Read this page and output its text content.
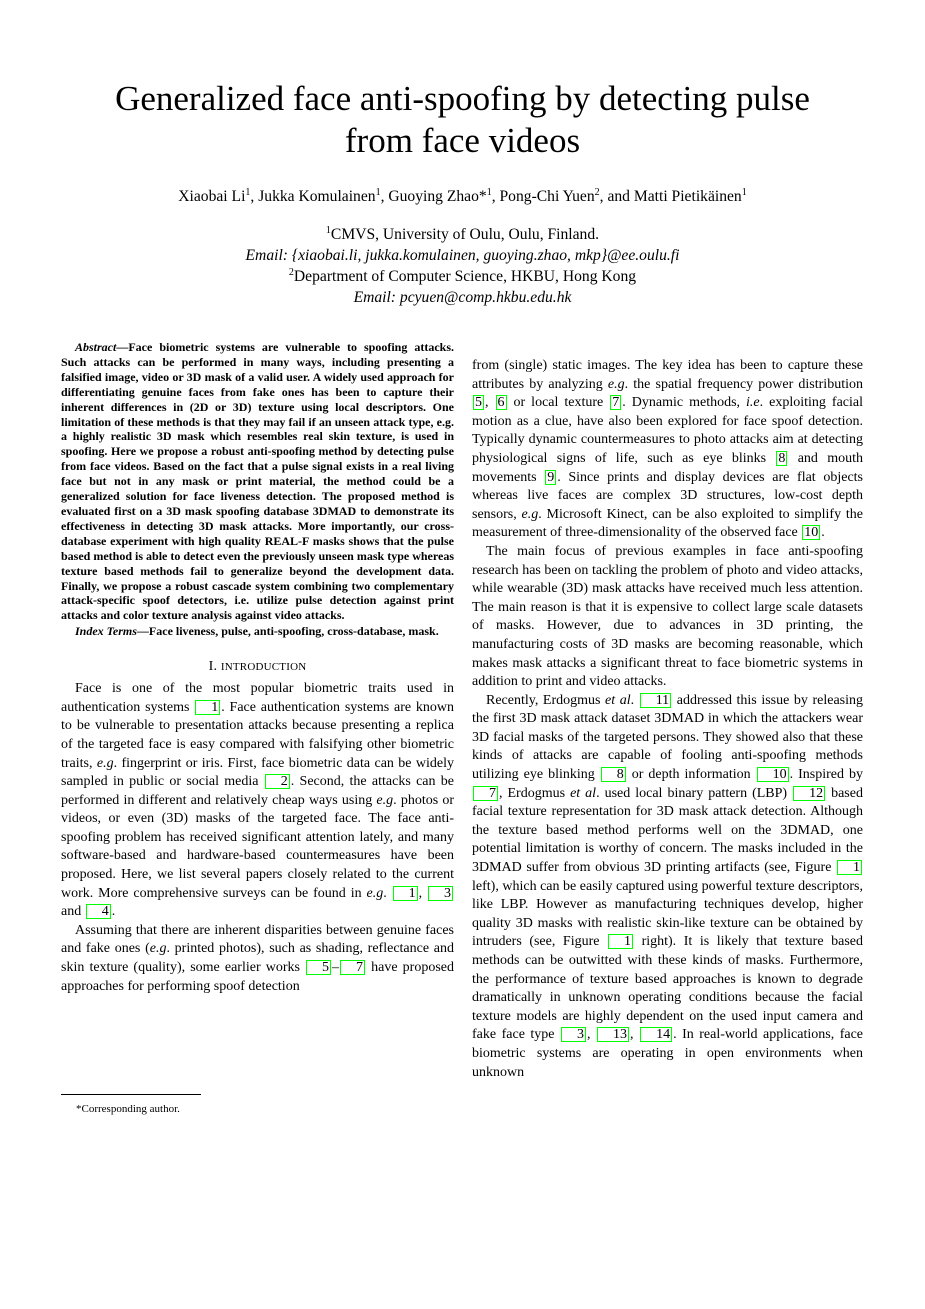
Generalized face anti-spoofing by detecting pulse
from face videos
Xiaobai Li$^1$, Jukka Komulainen$^1$, Guoying Zhao*$^1$, Pong-Chi Yuen$^2$, and Matti Pietikäinen$^1$
$^1$CMVS, University of Oulu, Oulu, Finland.
Email: {xiaobai.li, jukka.komulainen, guoying.zhao, mkp}@ee.oulu.fi
$^2$Department of Computer Science, HKBU, Hong Kong
Email: pcyuen@comp.hkbu.edu.hk

Abstract—Face biometric systems are vulnerable to spoofing attacks. Such attacks can be performed in many ways, including presenting a falsified image, video or 3D mask of a valid user. A widely used approach for differentiating genuine faces from fake ones has been to capture their inherent differences in (2D or 3D) texture using local descriptors. One limitation of these methods is that they may fail if an unseen attack type, e.g. a highly realistic 3D mask which resembles real skin texture, is used in spoofing. Here we propose a robust anti-spoofing method by detecting pulse from face videos. Based on the fact that a pulse signal exists in a real living face but not in any mask or print material, the method could be a generalized solution for face liveness detection. The proposed method is evaluated first on a 3D mask spoofing database 3DMAD to demonstrate its effectiveness in detecting 3D mask attacks. More importantly, our cross-database experiment with high quality REAL-F masks shows that the pulse based method is able to detect even the previously unseen mask type whereas texture based methods fail to generalize beyond the development data. Finally, we propose a robust cascade system combining two complementary attack-specific spoof detectors, i.e. utilize pulse detection against print attacks and color texture analysis against video attacks.

Index Terms—Face liveness, pulse, anti-spoofing, cross-database, mask.

I. INTRODUCTION

Face is one of the most popular biometric traits used in authentication systems 1 . Face authentication systems are known to be vulnerable to presentation attacks because presenting a replica of the targeted face is easy compared with falsifying other biometric traits, e.g. fingerprint or iris. First, face biometric data can be widely sampled in public or social media 2 . Second, the attacks can be performed in different and relatively cheap ways using e.g. photos or videos, or even (3D) masks of the targeted face. The face anti-spoofing problem has received significant attention lately, and many software-based and hardware-based countermeasures have been proposed. Here, we list several papers closely related to the current work. More comprehensive surveys can be found in e.g. 1 , 3 and 4 .

Assuming that there are inherent disparities between genuine faces and fake ones (e.g. printed photos), such as shading, reflectance and skin texture (quality), some earlier works 5 – 7 have proposed approaches for performing spoof detection

from (single) static images. The key idea has been to capture these attributes by analyzing e.g. the spatial frequency power distribution 5 , 6 or local texture 7 . Dynamic methods, i.e. exploiting facial motion as a clue, have also been explored for face spoof detection. Typically dynamic countermeasures to photo attacks aim at detecting physiological signs of life, such as eye blinks 8 and mouth movements 9 . Since prints and display devices are flat objects whereas live faces are complex 3D structures, low-cost depth sensors, e.g. Microsoft Kinect, can be also exploited to simplify the measurement of three-dimensionality of the observed face 10 .

The main focus of previous examples in face anti-spoofing research has been on tackling the problem of photo and video attacks, while wearable (3D) mask attacks have received much less attention. The main reason is that it is expensive to collect large scale datasets of masks. However, due to advances in 3D printing, the manufacturing costs of 3D masks are becoming reasonable, which makes mask attacks a significant threat to face biometric systems in addition to print and video attacks.

Recently, Erdogmus et al. 11 addressed this issue by releasing the first 3D mask attack dataset 3DMAD in which the attackers wear 3D facial masks of the targeted persons. They showed also that these kinds of attacks are capable of fooling anti-spoofing methods utilizing eye blinking 8 or depth information 10 . Inspired by 7 , Erdogmus et al. used local binary pattern (LBP) 12 based facial texture representation for 3D mask attack detection. Although the texture based method performs well on the 3DMAD, one potential limitation is worthy of concern. The masks included in the 3DMAD suffer from obvious 3D printing artifacts (see, Figure 1 left), which can be easily captured using powerful texture descriptors, like LBP. However as manufacturing techniques develop, higher quality 3D masks with realistic skin-like texture can be obtained by intruders (see, Figure 1 right). It is likely that texture based methods can be outwitted with these kinds of masks. Furthermore, the performance of texture based approaches is known to degrade dramatically in unknown operating conditions because the facial texture models are highly dependent on the used input camera and fake face type 3 , 13 , 14 . In real-world applications, face biometric systems are operating in open environments when unknown

*Corresponding author.
